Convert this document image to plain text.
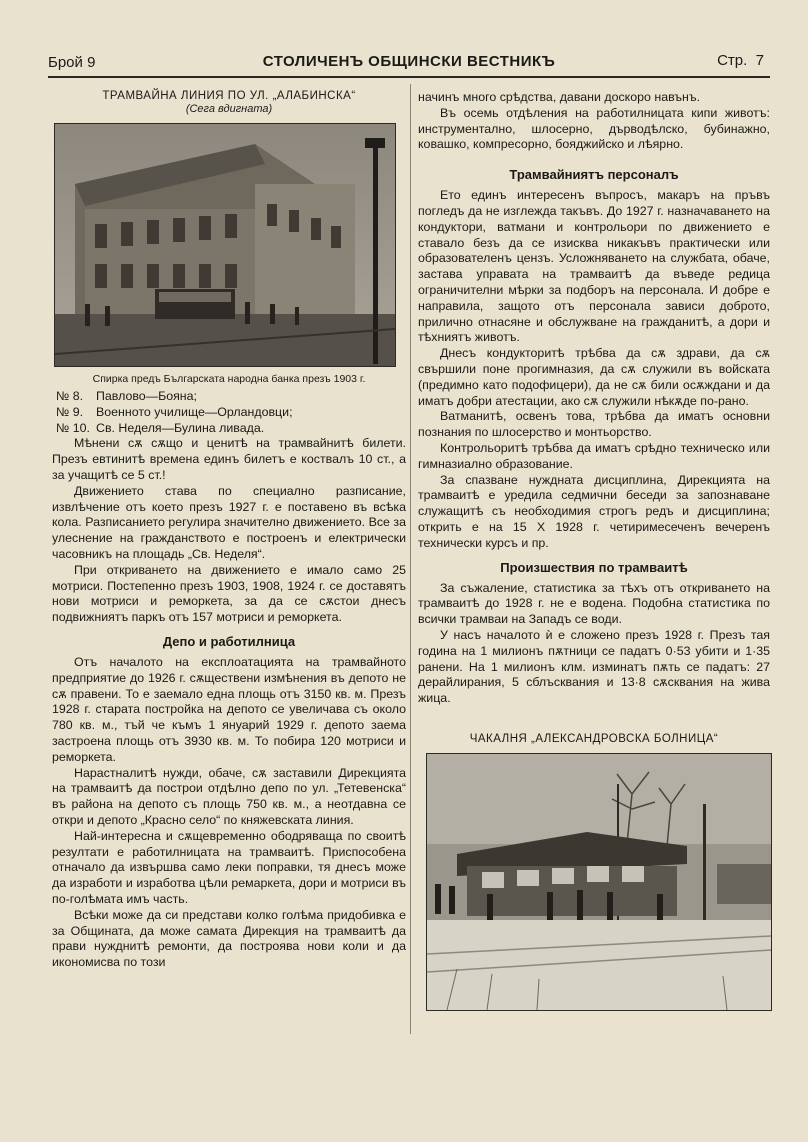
Брой 9	СТОЛИЧЕНЪ ОБЩИНСКИ ВЕСТНИКЪ	Стр. 7
ТРАМВАЙНА ЛИНИЯ ПО УЛ. „АЛАБИНСКА“
(Сега вдигната)
Спирка предъ Българската народна банка презъ 1903 г.
№ 8. Павлово—Бояна;
№ 9. Военното училище—Орландовци;
№ 10. Св. Неделя—Булина ливада.

Мѣнени сѫ сѫщо и ценитѣ на трамвайнитѣ билети. Презъ евтинитѣ времена единъ билетъ е коствалъ 10 ст., а за учащитѣ се 5 ст.!

Движението става по специално разписание, извлѣчение отъ което презъ 1927 г. е поставено въ всѣка кола. Разписанието регулира значително движението. Все за улеснение на гражданството е построенъ и електрически часовникъ на площадь „Св. Неделя“.

При откриването на движението е имало само 25 мотриси. Постепенно презъ 1903, 1908, 1924 г. се доставятъ нови мотриси и реморкета, за да се сѫстои днесъ подвижниятъ паркъ отъ 157 мотриси и реморкета.

Депо и работилница

Отъ началото на експлоатацията на трамвайното предприятие до 1926 г. сѫществени измѣнения въ депото не сѫ правени. То е заемало една площь отъ 3150 кв. м. Презъ 1928 г. старата постройка на депото се увеличава съ около 780 кв. м., тъй че къмъ 1 януарий 1929 г. депото заема застроена площь отъ 3930 кв. м. То побира 120 мотриси и реморкета.

Нарастналитѣ нужди, обаче, сѫ заставили Дирекцията на трамваитѣ да построи отдѣлно депо по ул. „Тетевенска“ въ района на депото съ площь 750 кв. м., а неотдавна се откри и депото „Красно село“ по княжевската линия.

Най-интересна и сѫщевременно ободряваща по своитѣ резултати е работилницата на трамваитѣ. Приспособена отначало да извършва само леки поправки, тя днесъ може да изработи и изработва цѣли ремаркета, дори и мотриси въ по-голѣмата имъ часть.

Всѣки може да си представи колко голѣма придобивка е за Общината, да може самата Дирекция на трамваитѣ да прави нужднитѣ ремонти, да построява нови коли и да икономисва по този

начинъ много срѣдства, давани доскоро навънъ.

Въ осемь отдѣления на работилницата кипи животъ: инструментално, шлосерно, дърводѣлско, бубинажно, ковашко, компресорно, бояджийско и лѣярно.

Трамвайниятъ персоналъ

Ето единъ интересенъ въпросъ, макаръ на пръвъ погледъ да не изглежда такъвъ. До 1927 г. назначаването на кондуктори, ватмани и контрольори по движението е ставало безъ да се изисква никакъвъ практически или образователенъ цензъ. Усложняването на службата, обаче, застава управата на трамваитѣ да въведе редица ограничителни мѣрки за подборъ на персонала. И добре е направила, защото отъ персонала зависи доброто, прилично отнасяне и обслужване на гражданитѣ, а дори и тѣхниятъ животъ.

Днесъ кондукторитѣ трѣбва да сѫ здрави, да сѫ свършили поне прогимназия, да сѫ служили въ войската (предимно като подофицери), да не сѫ били осѫждани и да иматъ добри атестации, ако сѫ служили нѣкѫде по-рано.

Ватманитѣ, освенъ това, трѣбва да иматъ основни познания по шлосерство и монтьорство.

Контрольоритѣ трѣбва да иматъ срѣдно техническо или гимназиално образование.

За спазване нуждната дисциплина, Дирекцията на трамваитѣ е уредила седмични беседи за запознаване служащитѣ съ необходимия строгъ редъ и дисциплина; открить е на 15 X 1928 г. четиримесеченъ вечеренъ технически курсъ и пр.

Произшествия по трамваитѣ

За съжаление, статистика за тѣхъ отъ откриването на трамваитѣ до 1928 г. не е водена. Подобна статистика по всички трамваи на Западъ се води.

У насъ началото ѝ е сложено презъ 1928 г. Презъ тая година на 1 милионъ пѫтници се падатъ 0·53 убити и 1·35 ранени. На 1 милионъ клм. изминатъ пѫть се падатъ: 27 дерайлирания, 5 сблъсквания и 13·8 сѫсквания на жива жица.

ЧАКАЛНЯ „АЛЕКСАНДРОВСКА БОЛНИЦА“
